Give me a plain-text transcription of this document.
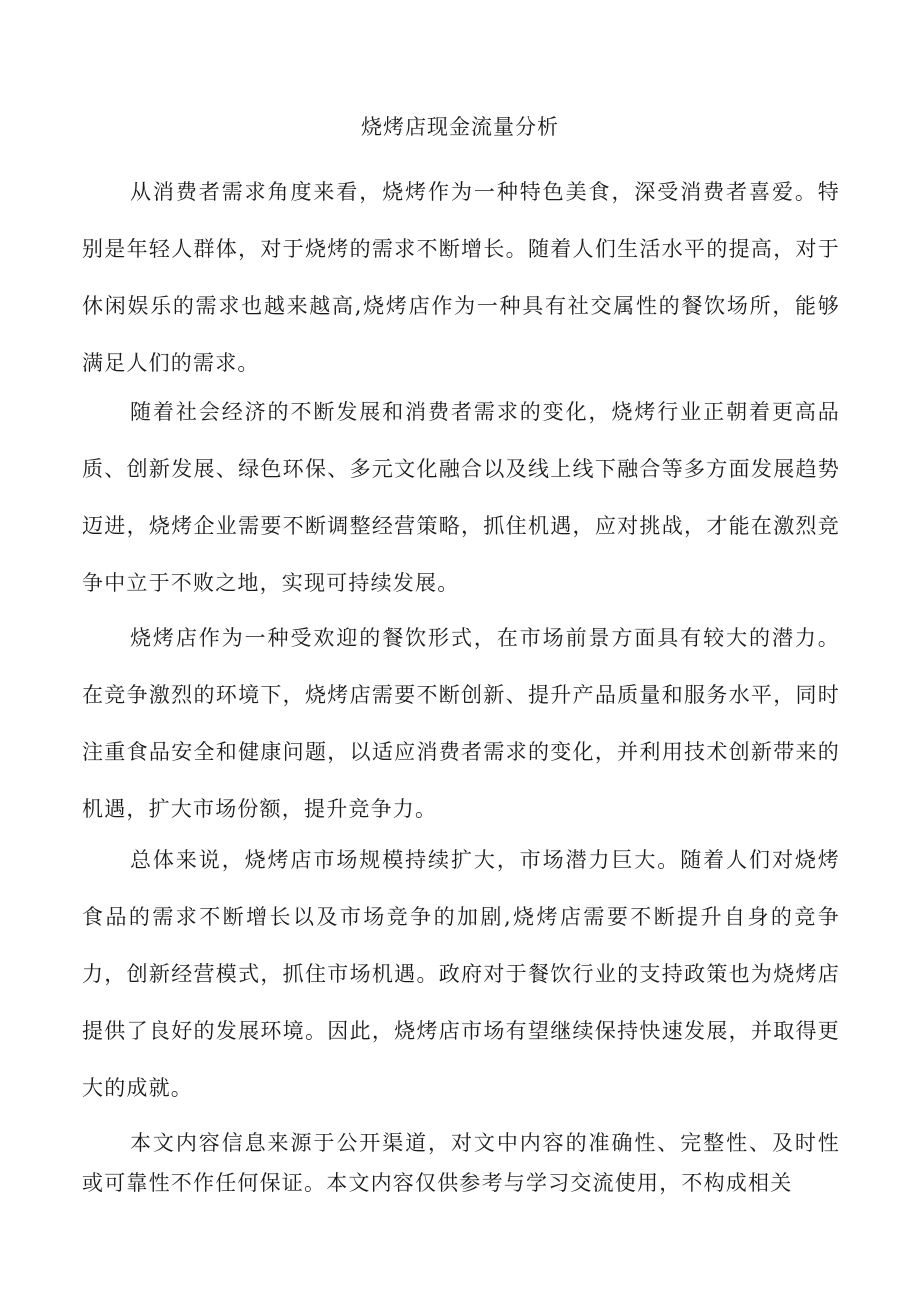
烧烤店现金流量分析

从消费者需求角度来看，烧烤作为一种特色美食，深受消费者喜爱。特别是年轻人群体，对于烧烤的需求不断增长。随着人们生活水平的提高，对于休闲娱乐的需求也越来越高,烧烤店作为一种具有社交属性的餐饮场所，能够满足人们的需求。

随着社会经济的不断发展和消费者需求的变化，烧烤行业正朝着更高品质、创新发展、绿色环保、多元文化融合以及线上线下融合等多方面发展趋势迈进，烧烤企业需要不断调整经营策略，抓住机遇，应对挑战，才能在激烈竞争中立于不败之地，实现可持续发展。

烧烤店作为一种受欢迎的餐饮形式，在市场前景方面具有较大的潜力。在竞争激烈的环境下，烧烤店需要不断创新、提升产品质量和服务水平，同时注重食品安全和健康问题，以适应消费者需求的变化，并利用技术创新带来的机遇，扩大市场份额，提升竞争力。

总体来说，烧烤店市场规模持续扩大，市场潜力巨大。随着人们对烧烤食品的需求不断增长以及市场竞争的加剧,烧烤店需要不断提升自身的竞争力，创新经营模式，抓住市场机遇。政府对于餐饮行业的支持政策也为烧烤店提供了良好的发展环境。因此，烧烤店市场有望继续保持快速发展，并取得更大的成就。

本文内容信息来源于公开渠道，对文中内容的准确性、完整性、及时性或可靠性不作任何保证。本文内容仅供参考与学习交流使用，不构成相关
